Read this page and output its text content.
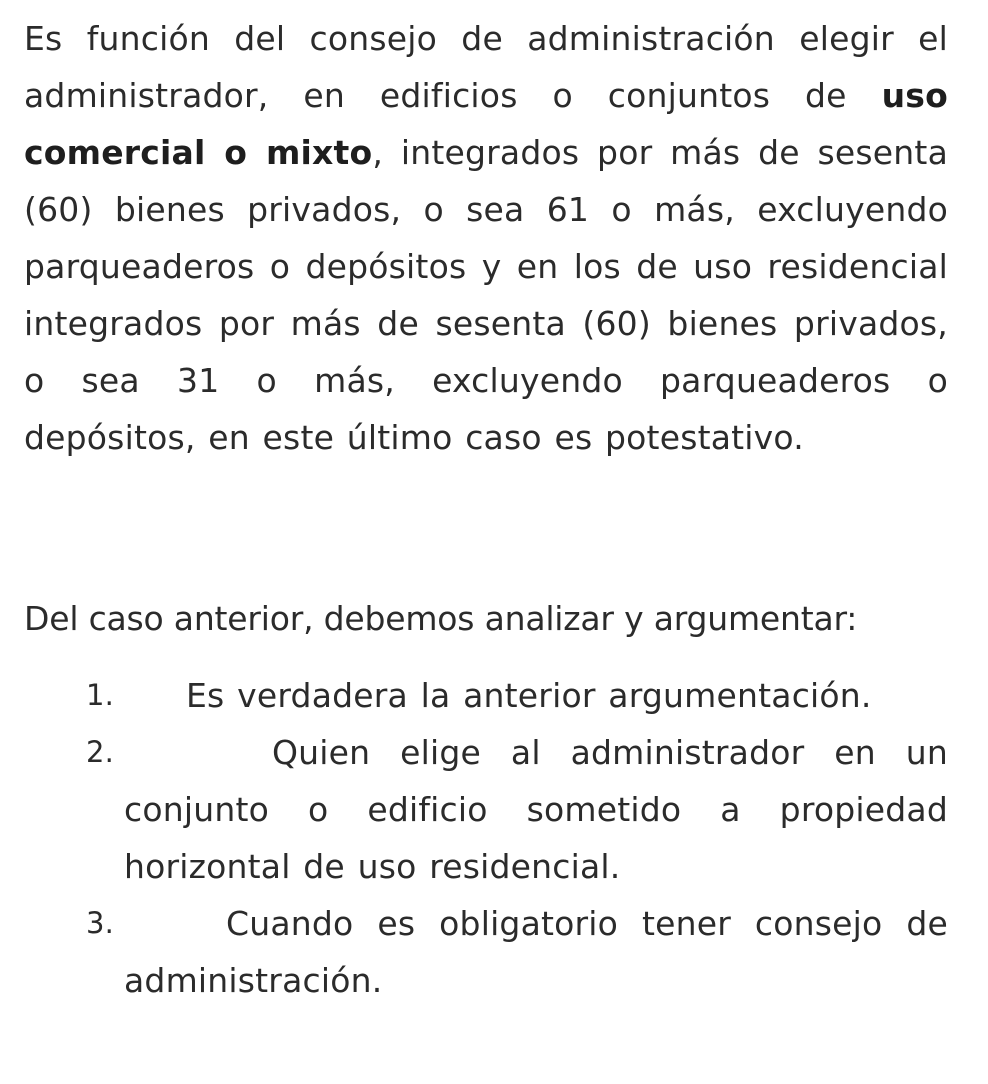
Es función del consejo de administración elegir el administrador, en edificios o conjuntos de uso comercial o mixto, integrados por más de sesenta (60) bienes privados, o sea 61 o más, excluyendo parqueaderos o depósitos y en los de uso residencial integrados por más de sesenta (60) bienes privados, o sea 31 o más, excluyendo parqueaderos o depósitos, en este último caso es potestativo.

Del caso anterior, debemos analizar y argumentar:

1. Es verdadera la anterior argumentación.
2.	Quien elige al administrador en un conjunto o edificio sometido a propiedad horizontal de uso residencial.
3.	Cuando es obligatorio tener consejo de administración.
